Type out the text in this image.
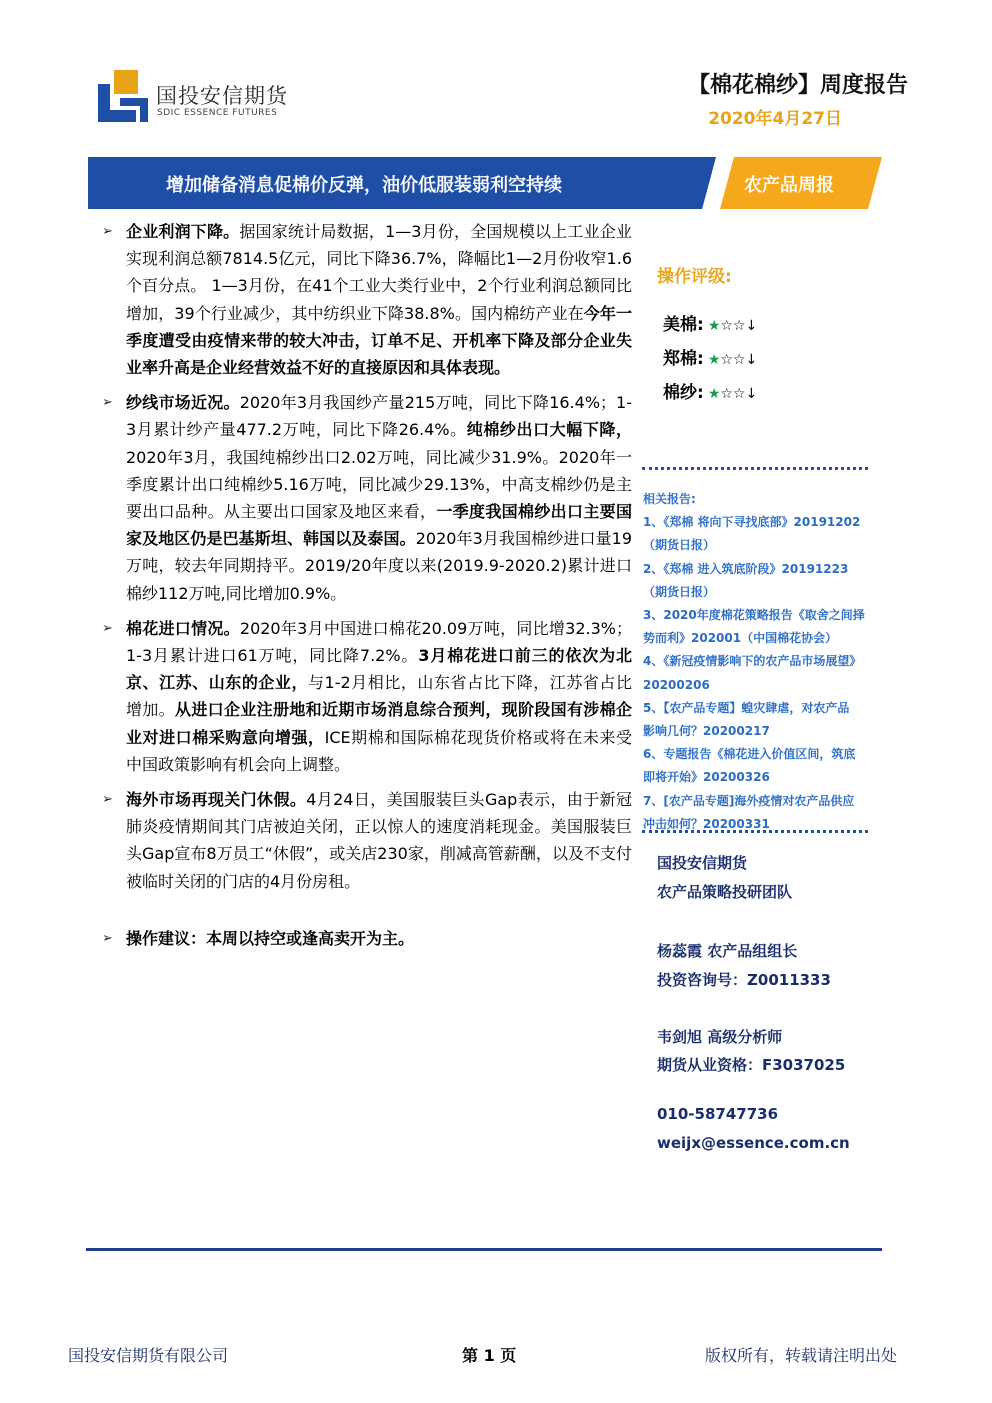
国投安信期货
SDIC ESSENCE FUTURES
【棉花棉纱】周度报告
2020年4月27日
增加储备消息促棉价反弹，油价低服装弱利空持续	农产品周报
➢ 企业利润下降。据国家统计局数据，1—3月份，全国规模以上工业企业实现利润总额7814.5亿元，同比下降36.7%，降幅比1—2月份收窄1.6个百分点。 1—3月份，在41个工业大类行业中，2个行业利润总额同比增加，39个行业减少，其中纺织业下降38.8%。国内棉纺产业在今年一季度遭受由疫情来带的较大冲击，订单不足、开机率下降及部分企业失业率升高是企业经营效益不好的直接原因和具体表现。
➢ 纱线市场近况。2020年3月我国纱产量215万吨，同比下降16.4%；1-3月累计纱产量477.2万吨，同比下降26.4%。纯棉纱出口大幅下降，2020年3月，我国纯棉纱出口2.02万吨，同比减少31.9%。2020年一季度累计出口纯棉纱5.16万吨，同比减少29.13%，中高支棉纱仍是主要出口品种。从主要出口国家及地区来看，一季度我国棉纱出口主要国家及地区仍是巴基斯坦、韩国以及泰国。2020年3月我国棉纱进口量19万吨，较去年同期持平。2019/20年度以来(2019.9-2020.2)累计进口棉纱112万吨,同比增加0.9%。
➢ 棉花进口情况。2020年3月中国进口棉花20.09万吨，同比增32.3%；1-3月累计进口61万吨，同比降7.2%。3月棉花进口前三的依次为北京、江苏、山东的企业，与1-2月相比，山东省占比下降，江苏省占比增加。从进口企业注册地和近期市场消息综合预判，现阶段国有涉棉企业对进口棉采购意向增强，ICE期棉和国际棉花现货价格或将在未来受中国政策影响有机会向上调整。
➢ 海外市场再现关门休假。4月24日，美国服装巨头Gap表示，由于新冠肺炎疫情期间其门店被迫关闭，正以惊人的速度消耗现金。美国服装巨头Gap宣布8万员工“休假”，或关店230家，削减高管薪酬，以及不支付被临时关闭的门店的4月份房租。
➢ 操作建议：本周以持空或逢高卖开为主。
操作评级:
美棉: ★☆☆↓
郑棉: ★☆☆↓
棉纱: ★☆☆↓
相关报告:
1、《郑棉 将向下寻找底部》20191202
（期货日报）
2、《郑棉 进入筑底阶段》20191223
（期货日报）
3、2020年度棉花策略报告《取舍之间择
势而利》202001（中国棉花协会）
4、《新冠疫情影响下的农产品市场展望》
20200206
5、【农产品专题】蝗灾肆虐，对农产品
影响几何？20200217
6、专题报告《棉花进入价值区间，筑底
即将开始》20200326
7、[农产品专题]海外疫情对农产品供应
冲击如何？20200331
国投安信期货
农产品策略投研团队
杨蕊霞 农产品组组长
投资咨询号：Z0011333
韦剑旭 高级分析师
期货从业资格：F3037025
010-58747736
weijx@essence.com.cn
国投安信期货有限公司	第 1 页	版权所有，转载请注明出处
